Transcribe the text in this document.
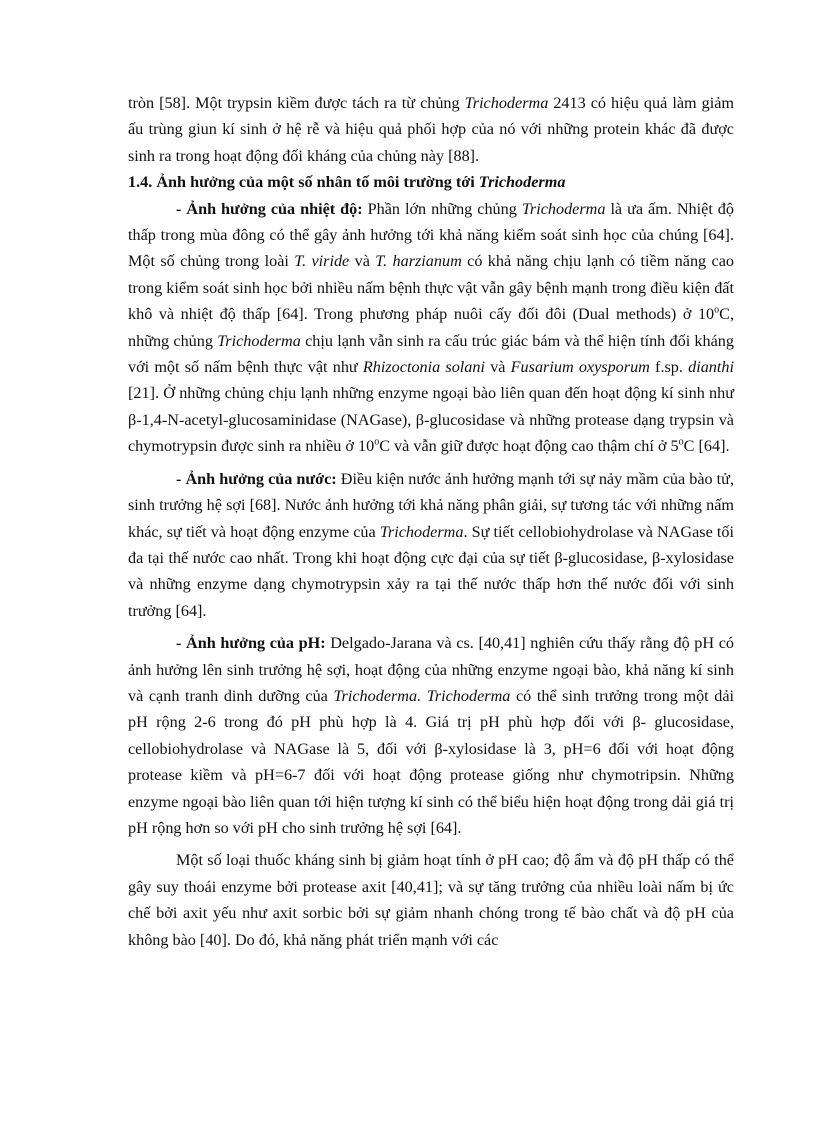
tròn [58]. Một trypsin kiềm được tách ra từ chủng Trichoderma 2413 có hiệu quả làm giảm ấu trùng giun kí sinh ở hệ rễ và hiệu quả phối hợp của nó với những protein khác đã được sinh ra trong hoạt động đối kháng của chủng này [88].

1.4. Ảnh hưởng của một số nhân tố môi trường tới Trichoderma

- Ảnh hưởng của nhiệt độ: Phần lớn những chủng Trichoderma là ưa ấm. Nhiệt độ thấp trong mùa đông có thể gây ảnh hưởng tới khả năng kiểm soát sinh học của chúng [64]. Một số chủng trong loài T. viride và T. harzianum có khả năng chịu lạnh có tiềm năng cao trong kiểm soát sinh học bởi nhiều nấm bệnh thực vật vẫn gây bệnh mạnh trong điều kiện đất khô và nhiệt độ thấp [64]. Trong phương pháp nuôi cấy đối đôi (Dual methods) ở 10$^o$C, những chủng Trichoderma chịu lạnh vẫn sinh ra cấu trúc giác bám và thể hiện tính đối kháng với một số nấm bệnh thực vật như Rhizoctonia solani và Fusarium oxysporum f.sp. dianthi [21]. Ở những chủng chịu lạnh những enzyme ngoại bào liên quan đến hoạt động kí sinh như β-1,4-N-acetyl-glucosaminidase (NAGase), β-glucosidase và những protease dạng trypsin và chymotrypsin được sinh ra nhiều ở 10$^o$C và vẫn giữ được hoạt động cao thậm chí ở 5$^o$C [64].

- Ảnh hưởng của nước: Điều kiện nước ảnh hưởng mạnh tới sự nảy mầm của bào tử, sinh trưởng hệ sợi [68]. Nước ảnh hưởng tới khả năng phân giải, sự tương tác với những nấm khác, sự tiết và hoạt động enzyme của Trichoderma. Sự tiết cellobiohydrolase và NAGase tối đa tại thế nước cao nhất. Trong khi hoạt động cực đại của sự tiết β-glucosidase, β-xylosidase và những enzyme dạng chymotrypsin xảy ra tại thế nước thấp hơn thế nước đối với sinh trưởng [64].

- Ảnh hưởng của pH: Delgado-Jarana và cs. [40,41] nghiên cứu thấy rằng độ pH có ảnh hưởng lên sinh trưởng hệ sợi, hoạt động của những enzyme ngoại bào, khả năng kí sinh và cạnh tranh dinh dưỡng của Trichoderma. Trichoderma có thể sinh trưởng trong một dải pH rộng 2-6 trong đó pH phù hợp là 4. Giá trị pH phù hợp đối với β- glucosidase, cellobiohydrolase và NAGase là 5, đối với β-xylosidase là 3, pH=6 đối với hoạt động protease kiềm và pH=6-7 đối với hoạt động protease giống như chymotripsin. Những enzyme ngoại bào liên quan tới hiện tượng kí sinh có thể biểu hiện hoạt động trong dải giá trị pH rộng hơn so với pH cho sinh trưởng hệ sợi [64].

Một số loại thuốc kháng sinh bị giảm hoạt tính ở pH cao; độ ẩm và độ pH thấp có thể gây suy thoái enzyme bởi protease axit [40,41]; và sự tăng trưởng của nhiều loài nấm bị ức chế bởi axit yếu như axit sorbic bởi sự giảm nhanh chóng trong tế bào chất và độ pH của không bào [40]. Do đó, khả năng phát triển mạnh với các
